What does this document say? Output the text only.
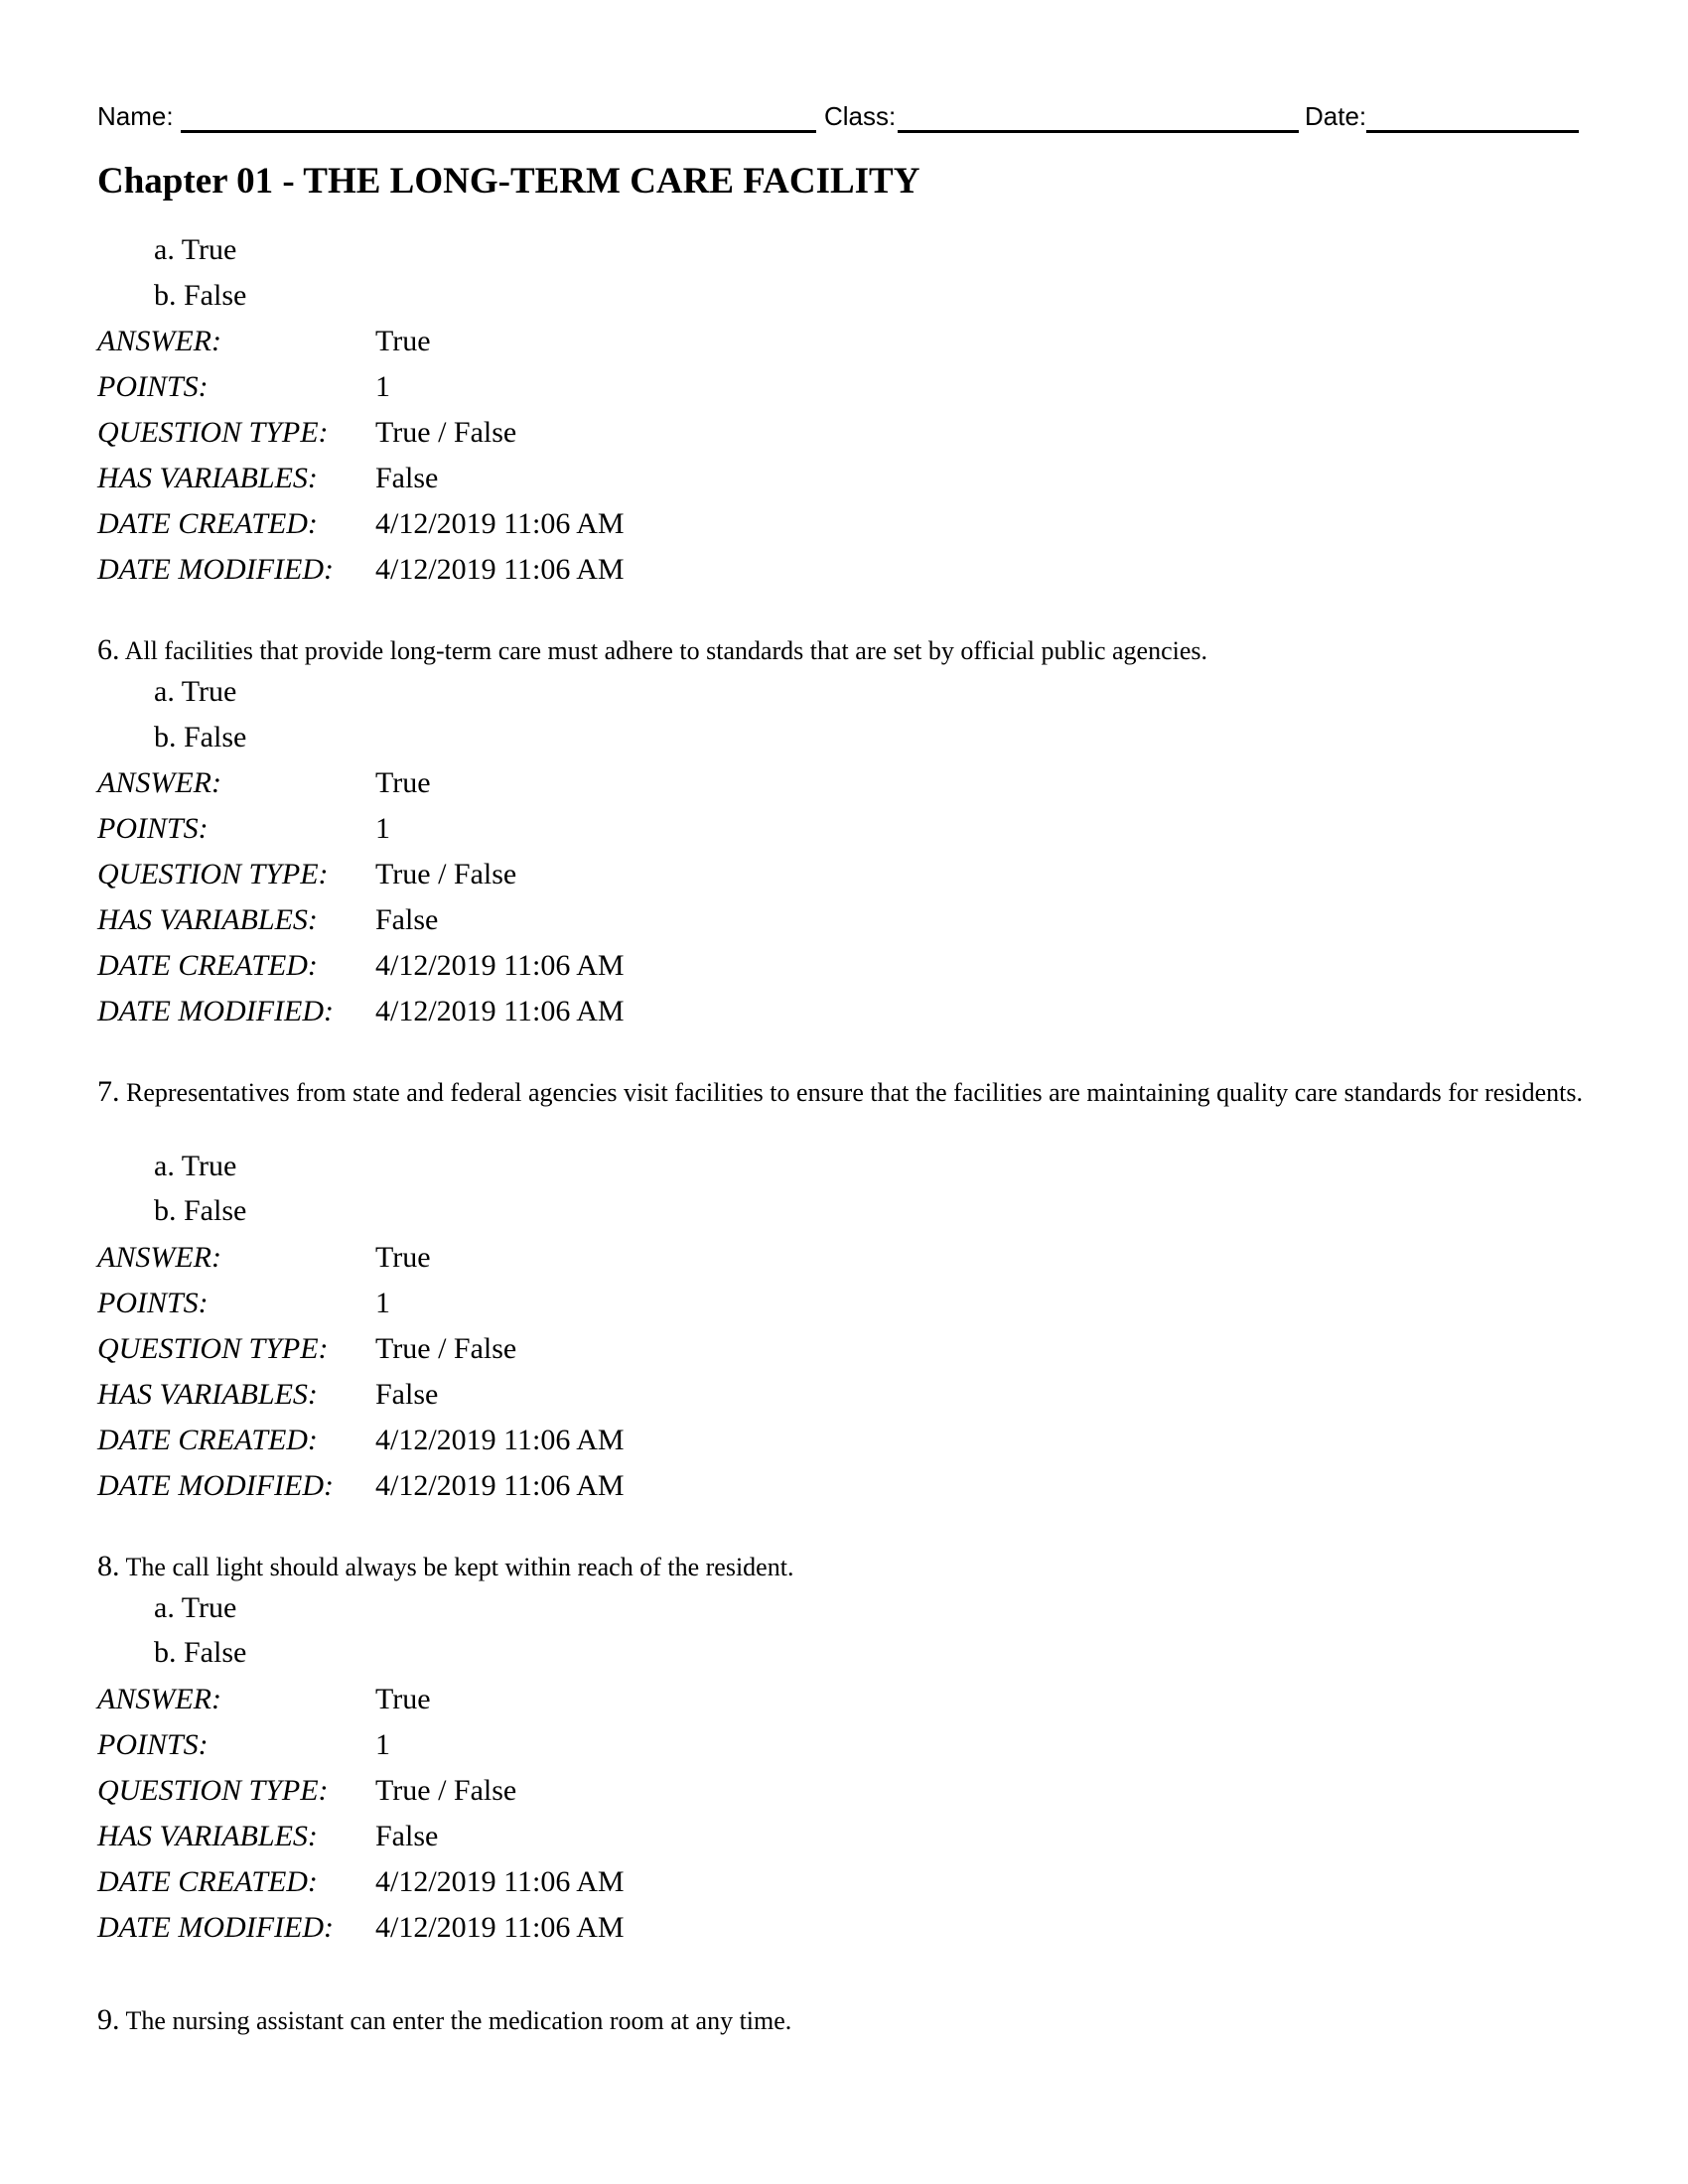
Name:	Class:	Date:
Chapter 01 - THE LONG-TERM CARE FACILITY
a. True
b. False
ANSWER:	True
POINTS:	1
QUESTION TYPE: True / False
HAS VARIABLES: False
DATE CREATED: 4/12/2019 11:06 AM
DATE MODIFIED: 4/12/2019 11:06 AM
6. All facilities that provide long-term care must adhere to standards that are set by official public agencies.
a. True
b. False
ANSWER:	True
POINTS:	1
QUESTION TYPE: True / False
HAS VARIABLES: False
DATE CREATED: 4/12/2019 11:06 AM
DATE MODIFIED: 4/12/2019 11:06 AM
7. Representatives from state and federal agencies visit facilities to ensure that the facilities are maintaining quality care standards for residents.
a. True
b. False
ANSWER:	True
POINTS:	1
QUESTION TYPE: True / False
HAS VARIABLES: False
DATE CREATED: 4/12/2019 11:06 AM
DATE MODIFIED: 4/12/2019 11:06 AM
8. The call light should always be kept within reach of the resident.
a. True
b. False
ANSWER:	True
POINTS:	1
QUESTION TYPE: True / False
HAS VARIABLES: False
DATE CREATED: 4/12/2019 11:06 AM
DATE MODIFIED: 4/12/2019 11:06 AM
9. The nursing assistant can enter the medication room at any time.
